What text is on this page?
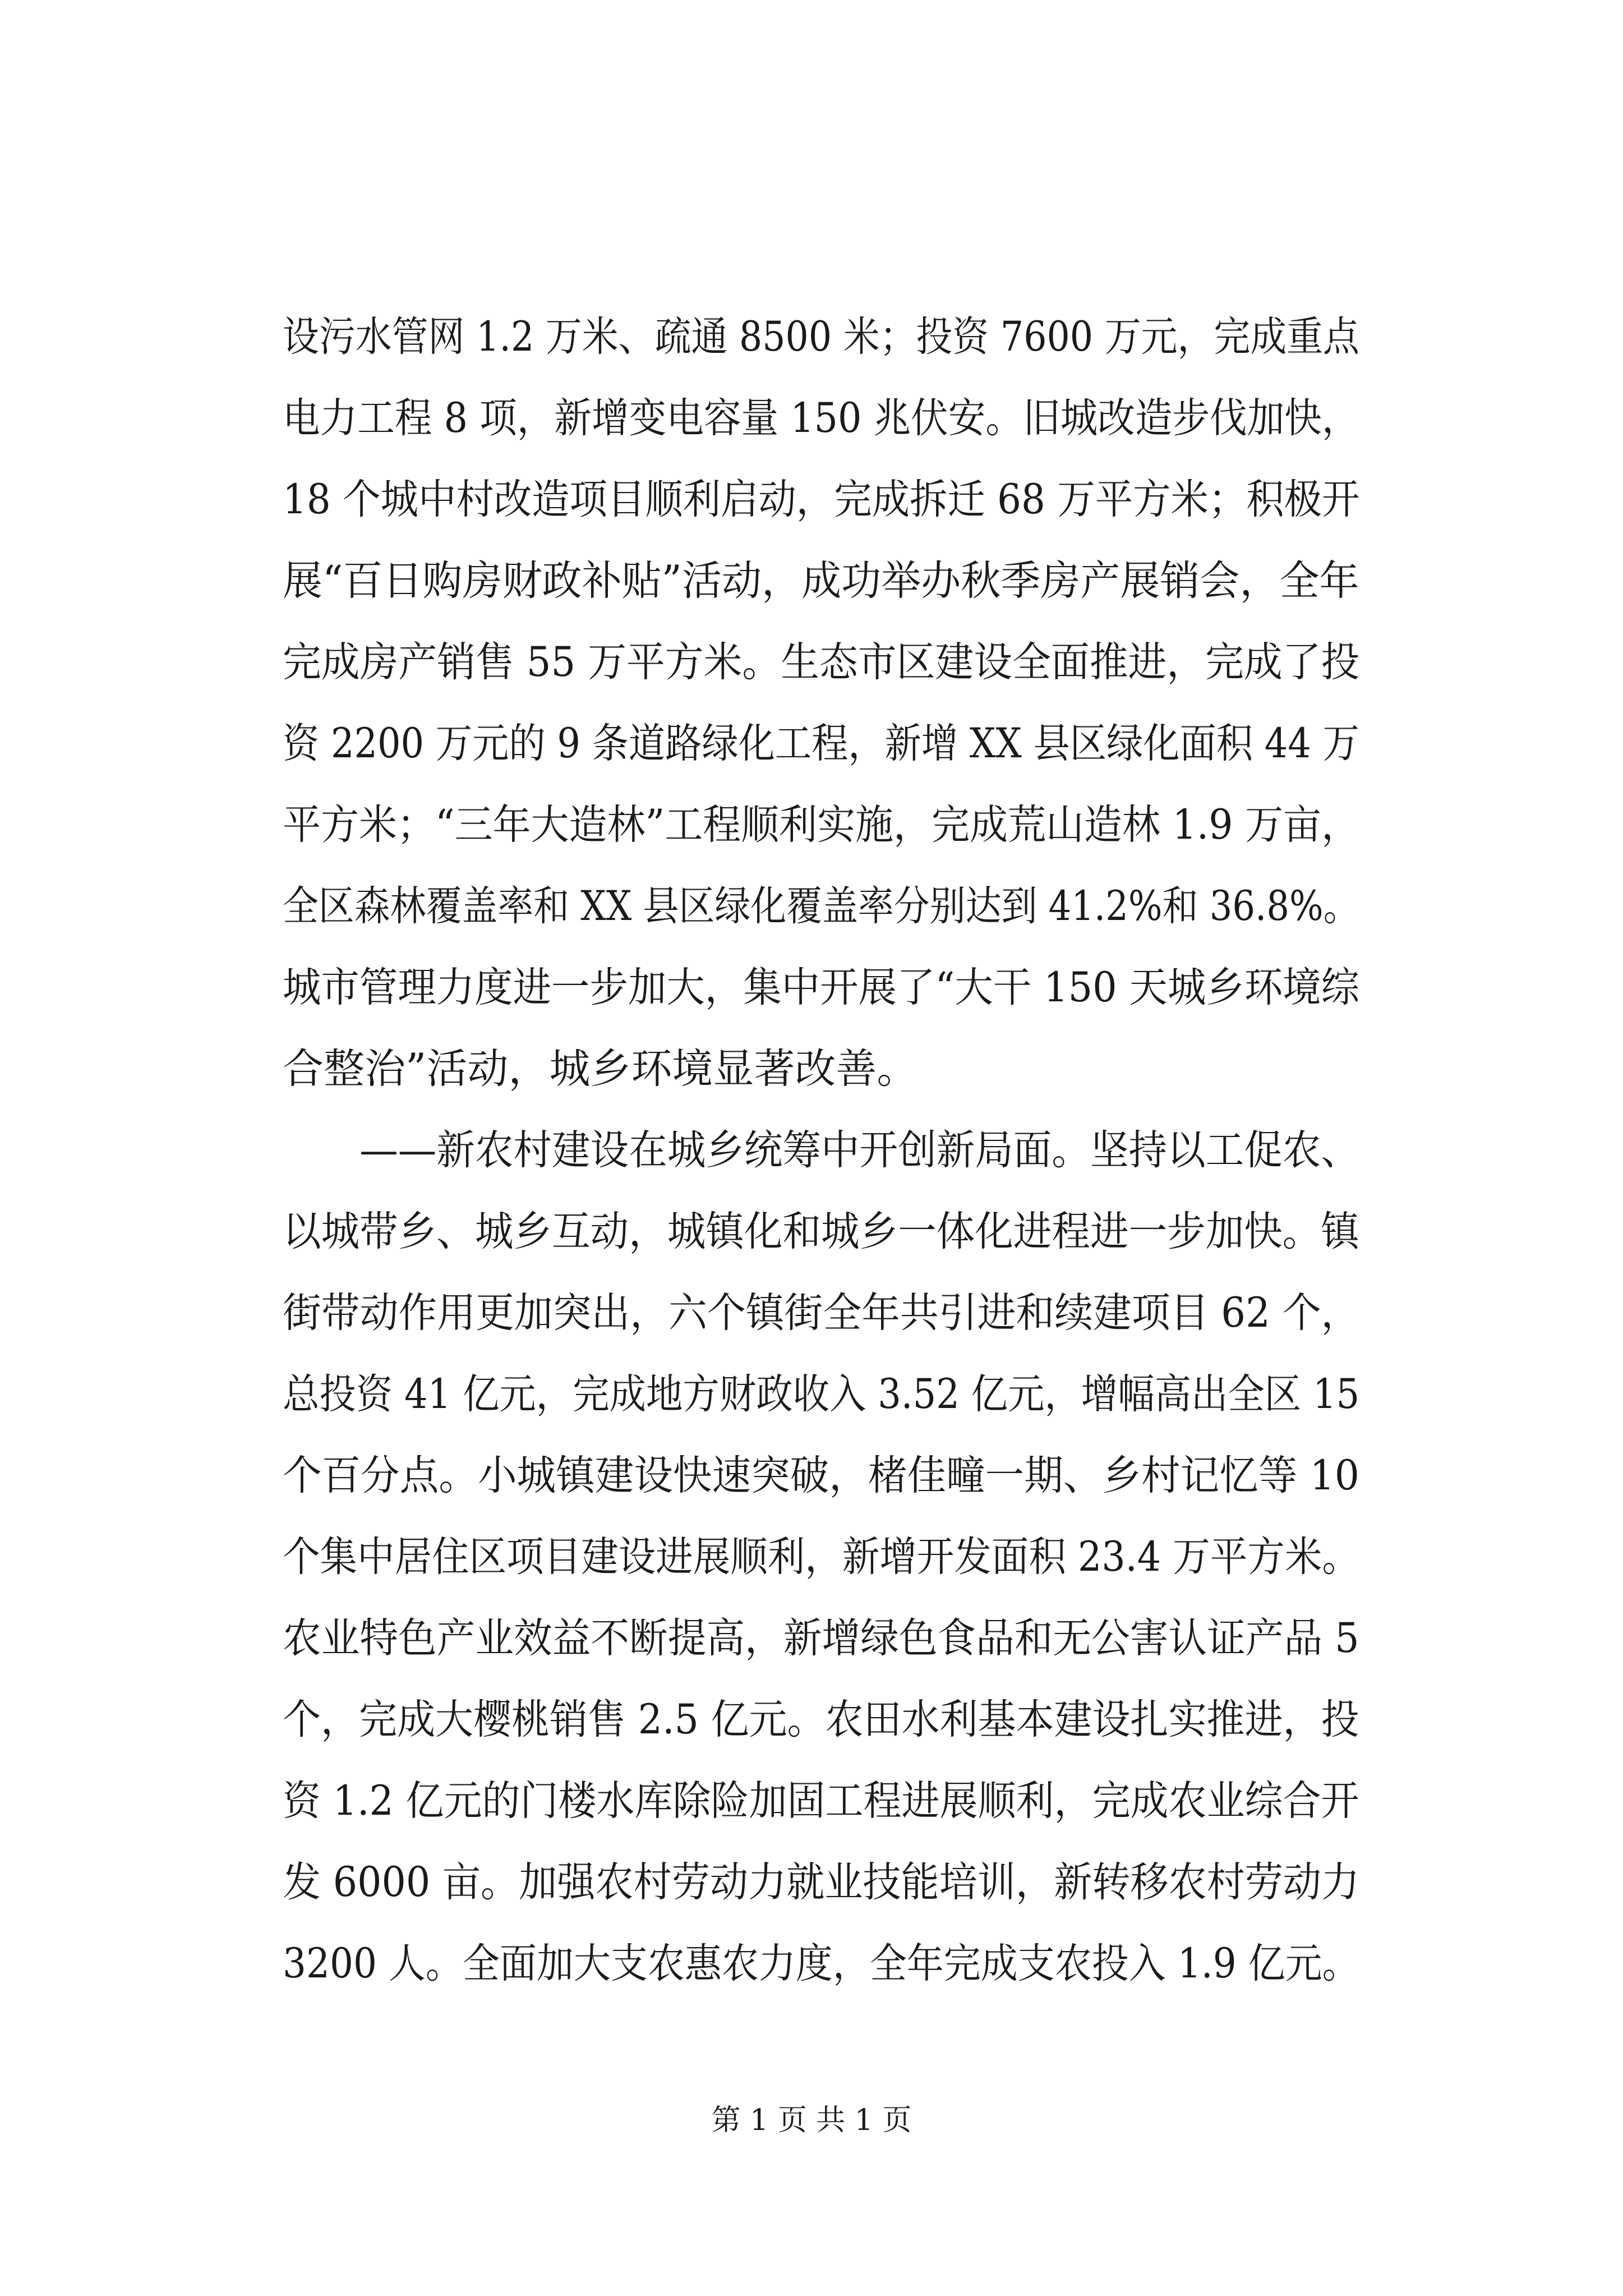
设污水管网 1.2 万米、疏通 8500 米；投资 7600 万元，完成重点
电力工程 8 项，新增变电容量 150 兆伏安。旧城改造步伐加快，
18 个城中村改造项目顺利启动，完成拆迁 68 万平方米；积极开
展“百日购房财政补贴”活动，成功举办秋季房产展销会，全年
完成房产销售 55 万平方米。生态市区建设全面推进，完成了投
资 2200 万元的 9 条道路绿化工程，新增 XX 县区绿化面积 44 万
平方米；“三年大造林”工程顺利实施，完成荒山造林 1.9 万亩，
全区森林覆盖率和 XX 县区绿化覆盖率分别达到 41.2%和 36.8%。
城市管理力度进一步加大，集中开展了“大干 150 天城乡环境综
合整治”活动，城乡环境显著改善。
　　——新农村建设在城乡统筹中开创新局面。坚持以工促农、
以城带乡、城乡互动，城镇化和城乡一体化进程进一步加快。镇
街带动作用更加突出，六个镇街全年共引进和续建项目 62 个，
总投资 41 亿元，完成地方财政收入 3.52 亿元，增幅高出全区 15
个百分点。小城镇建设快速突破，楮佳疃一期、乡村记忆等 10
个集中居住区项目建设进展顺利，新增开发面积 23.4 万平方米。
农业特色产业效益不断提高，新增绿色食品和无公害认证产品 5
个，完成大樱桃销售 2.5 亿元。农田水利基本建设扎实推进，投
资 1.2 亿元的门楼水库除险加固工程进展顺利，完成农业综合开
发 6000 亩。加强农村劳动力就业技能培训，新转移农村劳动力
3200 人。全面加大支农惠农力度，全年完成支农投入 1.9 亿元。
第 1 页 共 1 页
